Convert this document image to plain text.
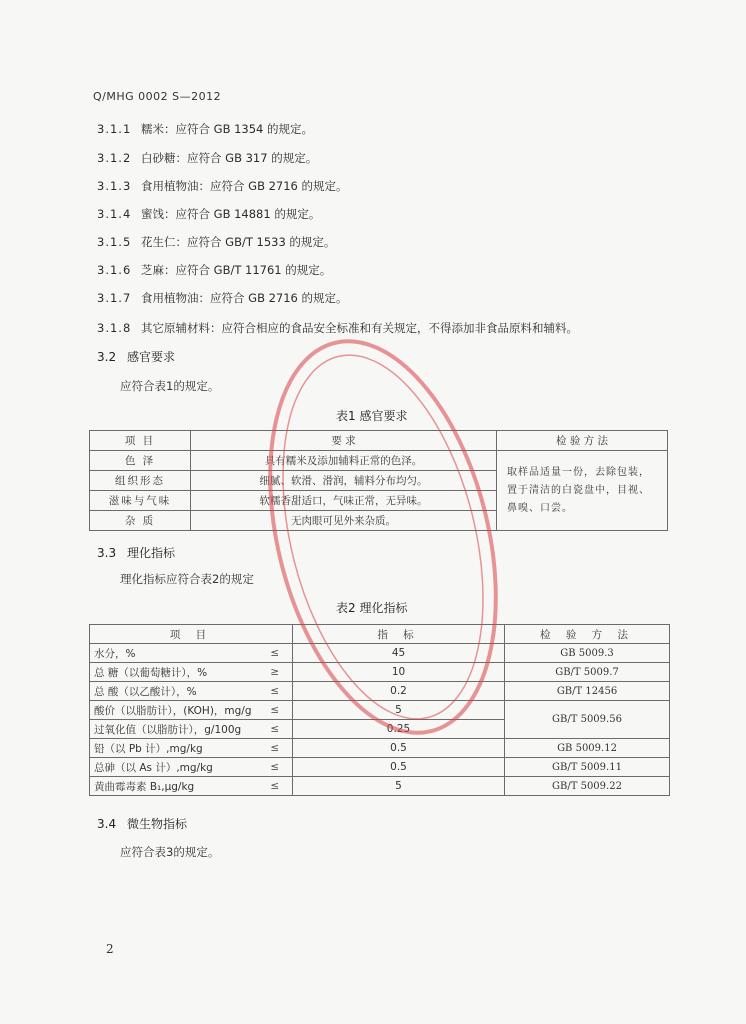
Q/MHG 0002 S—2012
3.1.1 糯米：应符合 GB 1354 的规定。
3.1.2 白砂糖：应符合 GB 317 的规定。
3.1.3 食用植物油：应符合 GB 2716 的规定。
3.1.4 蜜饯：应符合 GB 14881 的规定。
3.1.5 花生仁：应符合 GB/T 1533 的规定。
3.1.6 芝麻：应符合 GB/T 11761 的规定。
3.1.7 食用植物油：应符合 GB 2716 的规定。
3.1.8 其它原辅材料：应符合相应的食品安全标准和有关规定，不得添加非食品原料和辅料。
3.2 感官要求
应符合表1的规定。
表1 感官要求
项 目	要 求	检 验 方 法
色 泽	具有糯米及添加辅料正常的色泽。	取样品适量一份，去除包装，置于清洁的白瓷盘中，目视、鼻嗅、口尝。
组织形态	细腻、软滑、滑润，辅料分布均匀。	
滋味与气味	软糯香甜适口，气味正常，无异味。	
杂 质	无肉眼可见外来杂质。	
3.3 理化指标
理化指标应符合表2的规定
表2 理化指标
项 目		指 标	检 验 方 法
水分，%	≤	45	GB 5009.3
总 糖（以葡萄糖计），%	≥	10	GB/T 5009.7
总 酸（以乙酸计），%	≤	0.2	GB/T 12456
酸价（以脂肪计），(KOH)，mg/g	≤	5	GB/T 5009.56
过氧化值（以脂肪计），g/100g	≤	0.25	
铅（以 Pb 计）,mg/kg	≤	0.5	GB 5009.12
总砷（以 As 计）,mg/kg	≤	0.5	GB/T 5009.11
黄曲霉毒素 B₁,μg/kg	≤	5	GB/T 5009.22
3.4 微生物指标
应符合表3的规定。
2
